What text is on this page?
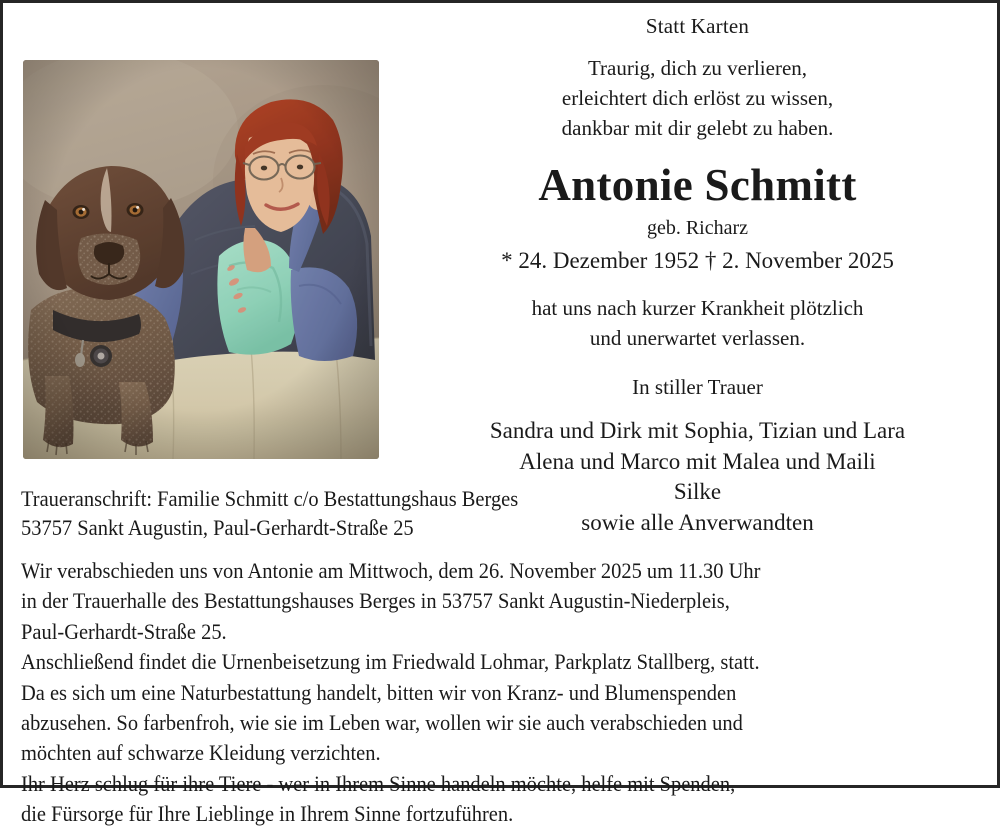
Statt Karten
Traurig, dich zu verlieren,
erleichtert dich erlöst zu wissen,
dankbar mit dir gelebt zu haben.
Antonie Schmitt
geb. Richarz
* 24. Dezember 1952 † 2. November 2025
hat uns nach kurzer Krankheit plötzlich
und unerwartet verlassen.
In stiller Trauer
Sandra und Dirk mit Sophia, Tizian und Lara
Alena und Marco mit Malea und Maili
Silke
sowie alle Anverwandten
Traueranschrift: Familie Schmitt c/o Bestattungshaus Berges
53757 Sankt Augustin, Paul-Gerhardt-Straße 25
Wir verabschieden uns von Antonie am Mittwoch, dem 26. November 2025 um 11.30 Uhr
in der Trauerhalle des Bestattungshauses Berges in 53757 Sankt Augustin-Niederpleis,
Paul-Gerhardt-Straße 25.
Anschließend findet die Urnenbeisetzung im Friedwald Lohmar, Parkplatz Stallberg, statt.
Da es sich um eine Naturbestattung handelt, bitten wir von Kranz- und Blumenspenden
abzusehen. So farbenfroh, wie sie im Leben war, wollen wir sie auch verabschieden und
möchten auf schwarze Kleidung verzichten.
Ihr Herz schlug für ihre Tiere - wer in Ihrem Sinne handeln möchte, helfe mit Spenden,
die Fürsorge für Ihre Lieblinge in Ihrem Sinne fortzuführen.
